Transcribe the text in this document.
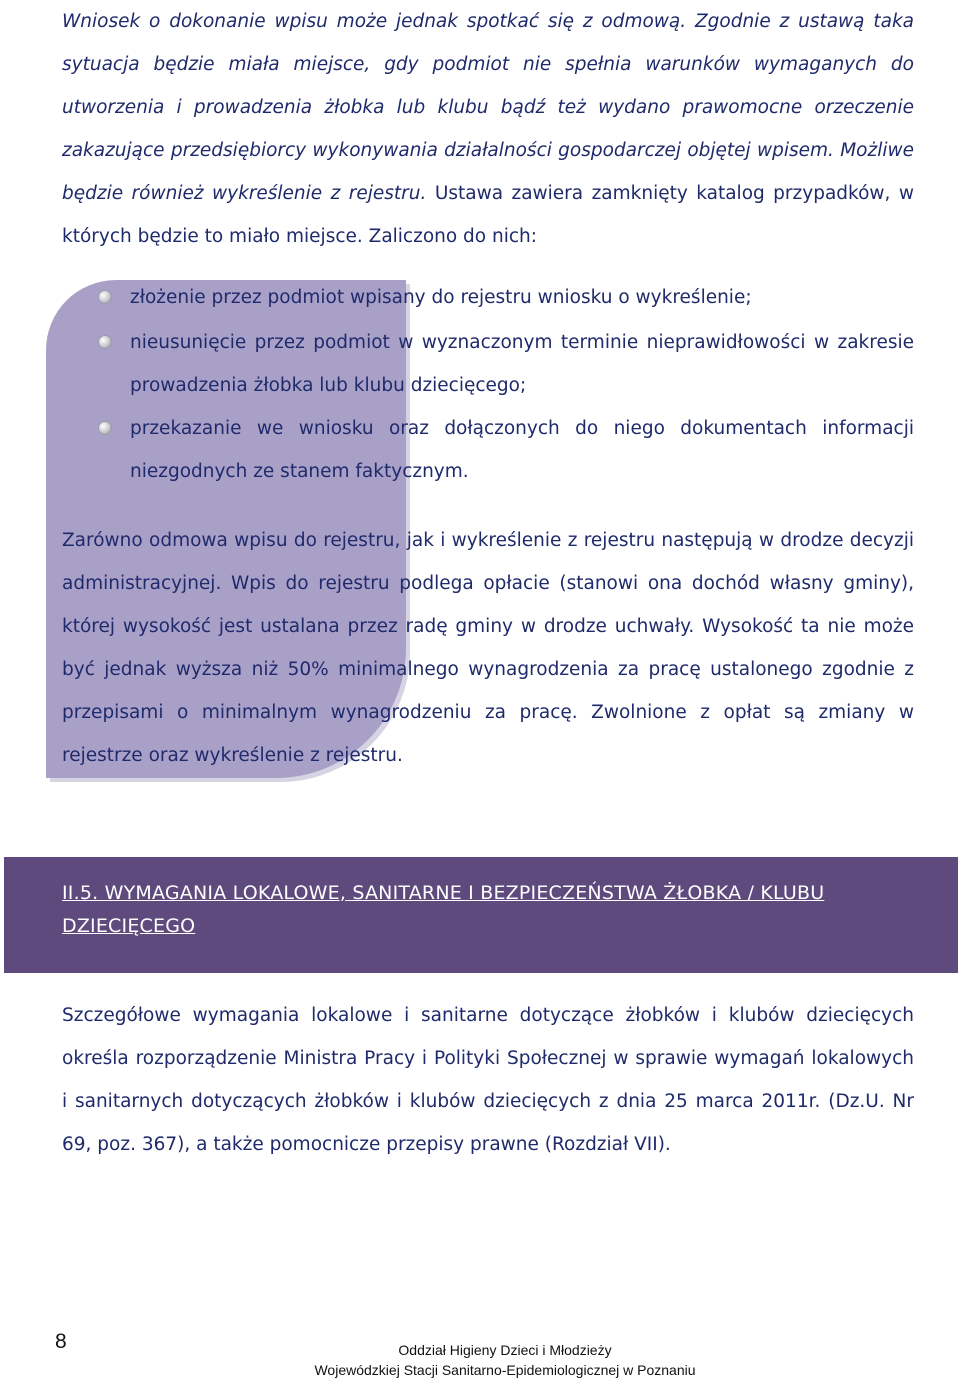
Wniosek o dokonanie wpisu może jednak spotkać się z odmową. Zgodnie z ustawą taka sytuacja będzie miała miejsce, gdy podmiot nie spełnia warunków wymaganych do utworzenia i prowadzenia żłobka lub klubu bądź też wydano prawomocne orzeczenie zakazujące przedsiębiorcy wykonywania działalności gospodarczej objętej wpisem. Możliwe będzie również wykreślenie z rejestru. Ustawa zawiera zamknięty katalog przypadków, w których będzie to miało miejsce. Zaliczono do nich:
złożenie przez podmiot wpisany do rejestru wniosku o wykreślenie;
nieusunięcie przez podmiot w wyznaczonym terminie nieprawidłowości w zakresie prowadzenia żłobka lub klubu dziecięcego;
przekazanie we wniosku oraz dołączonych do niego dokumentach informacji niezgodnych ze stanem faktycznym.
Zarówno odmowa wpisu do rejestru, jak i wykreślenie z rejestru następują w drodze decyzji administracyjnej. Wpis do rejestru podlega opłacie (stanowi ona dochód własny gminy), której wysokość jest ustalana przez radę gminy w drodze uchwały. Wysokość ta nie może być jednak wyższa niż 50% minimalnego wynagrodzenia za pracę ustalonego zgodnie z przepisami o minimalnym wynagrodzeniu za pracę. Zwolnione z opłat są zmiany w rejestrze oraz wykreślenie z rejestru.
II.5. WYMAGANIA LOKALOWE, SANITARNE I BEZPIECZEŃSTWA ŻŁOBKA / KLUBU DZIECIĘCEGO
Szczegółowe wymagania lokalowe i sanitarne dotyczące żłobków i klubów dziecięcych określa rozporządzenie Ministra Pracy i Polityki Społecznej w sprawie wymagań lokalowych i sanitarnych dotyczących żłobków i klubów dziecięcych z dnia 25 marca 2011r. (Dz.U. Nr 69, poz. 367), a także pomocnicze przepisy prawne (Rozdział VII).
8	Oddział Higieny Dzieci i Młodzieży
Wojewódzkiej Stacji Sanitarno-Epidemiologicznej w Poznaniu
